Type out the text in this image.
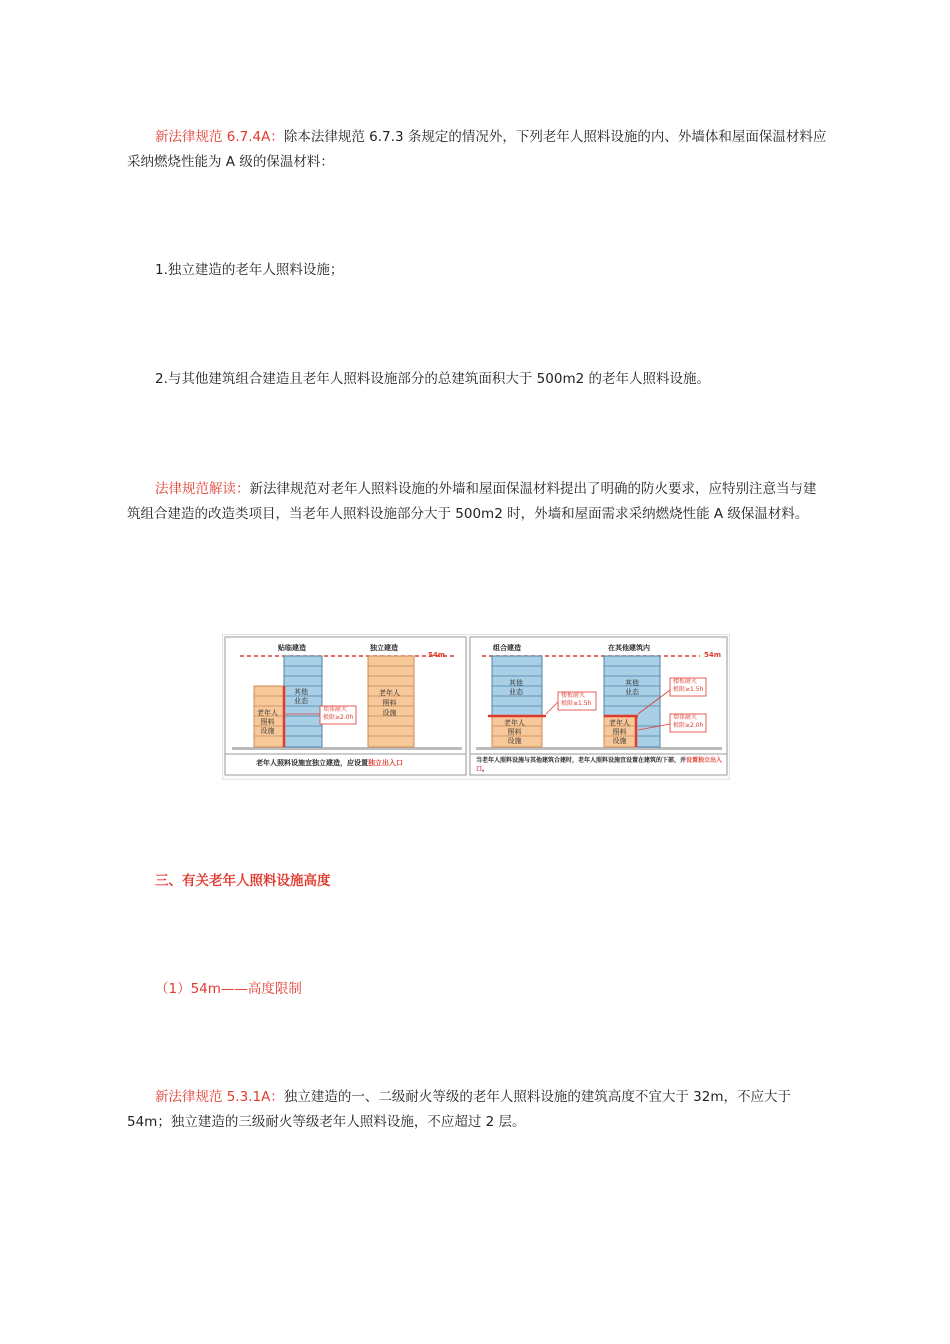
新法律规范 6.7.4A：除本法律规范 6.7.3 条规定的情况外，下列老年人照料设施的内、外墙体和屋面保温材料应采纳燃烧性能为 A 级的保温材料：
1.独立建造的老年人照料设施；
2.与其他建筑组合建造且老年人照料设施部分的总建筑面积大于 500m2 的老年人照料设施。
法律规范解读：新法律规范对老年人照料设施的外墙和屋面保温材料提出了明确的防火要求，应特别注意当与建筑组合建造的改造类项目，当老年人照料设施部分大于 500m2 时，外墙和屋面需求采纳燃烧性能 A 级保温材料。
贴临建造	独立建造	组合建造	在其他建筑内
54m	54m
其他
业态
老年人
照料
设施
墙体耐火
极限≥2.0h
老年人
照料
设施
其他
业态
老年人
照料
设施
楼板耐火
极限≥1.5h
其他
业态
老年人
照料
设施
楼板耐火
极限≥1.5h
墙体耐火
极限≥2.0h
老年人照料设施宜独立建造，应设置独立出入口	当老年人照料设施与其他建筑合建时，老年人照料设施宜设置在建筑的下部，并设置独立出入口。
三、有关老年人照料设施高度
（1）54m——高度限制
新法律规范 5.3.1A：独立建造的一、二级耐火等级的老年人照料设施的建筑高度不宜大于 32m，不应大于 54m；独立建造的三级耐火等级老年人照料设施，不应超过 2 层。
